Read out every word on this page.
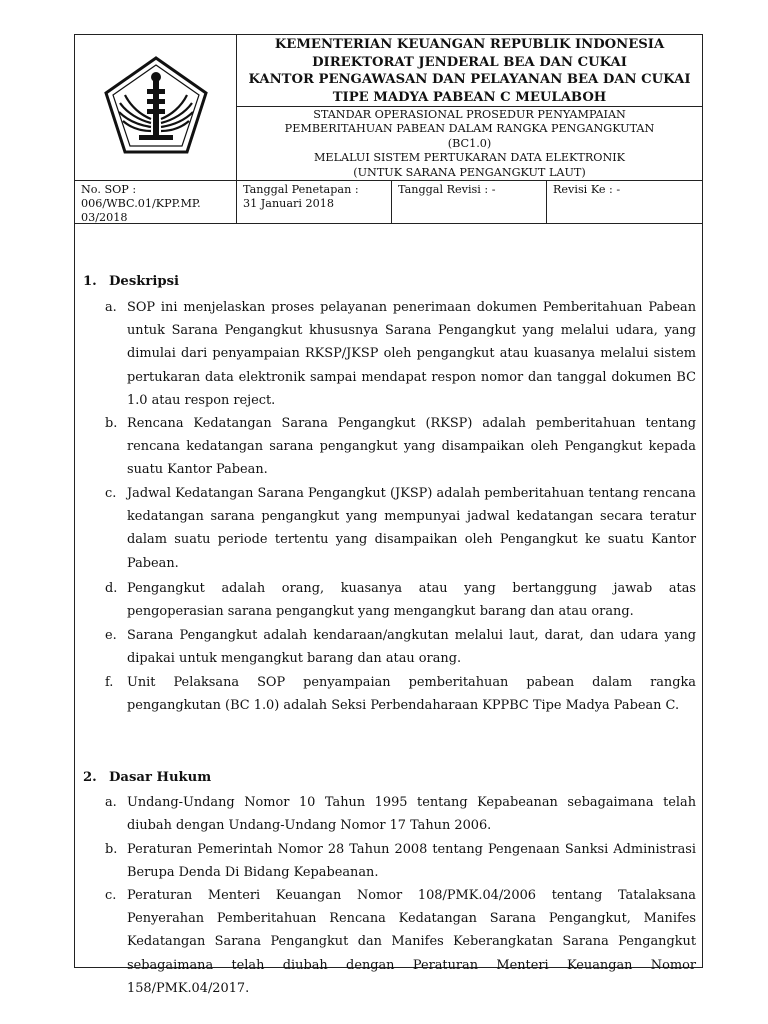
KEMENTERIAN KEUANGAN REPUBLIK INDONESIA
DIREKTORAT JENDERAL BEA DAN CUKAI
KANTOR PENGAWASAN DAN PELAYANAN BEA DAN CUKAI
TIPE MADYA PABEAN C MEULABOH
STANDAR OPERASIONAL PROSEDUR PENYAMPAIAN
PEMBERITAHUAN PABEAN DALAM RANGKA PENGANGKUTAN
(BC1.0)
MELALUI SISTEM PERTUKARAN DATA ELEKTRONIK
(UNTUK SARANA PENGANGKUT LAUT)
No. SOP :
006/WBC.01/KPP.MP.
03/2018
Tanggal Penetapan :
31 Januari 2018
Tanggal Revisi : -	Revisi Ke : -
1. Deskripsi
a. SOP ini menjelaskan proses pelayanan penerimaan dokumen Pemberitahuan Pabean untuk Sarana Pengangkut khususnya Sarana Pengangkut yang melalui udara, yang dimulai dari penyampaian RKSP/JKSP oleh pengangkut atau kuasanya melalui sistem pertukaran data elektronik sampai mendapat respon nomor dan tanggal dokumen BC 1.0 atau respon reject.
b. Rencana Kedatangan Sarana Pengangkut (RKSP) adalah pemberitahuan tentang rencana kedatangan sarana pengangkut yang disampaikan oleh Pengangkut kepada suatu Kantor Pabean.
c. Jadwal Kedatangan Sarana Pengangkut (JKSP) adalah pemberitahuan tentang rencana kedatangan sarana pengangkut yang mempunyai jadwal kedatangan secara teratur dalam suatu periode tertentu yang disampaikan oleh Pengangkut ke suatu Kantor Pabean.
d. Pengangkut adalah orang, kuasanya atau yang bertanggung jawab atas pengoperasian sarana pengangkut yang mengangkut barang dan atau orang.
e. Sarana Pengangkut adalah kendaraan/angkutan melalui laut, darat, dan udara yang dipakai untuk mengangkut barang dan atau orang.
f. Unit Pelaksana SOP penyampaian pemberitahuan pabean dalam rangka pengangkutan (BC 1.0) adalah Seksi Perbendaharaan KPPBC Tipe Madya Pabean C.
2. Dasar Hukum
a. Undang-Undang Nomor 10 Tahun 1995 tentang Kepabeanan sebagaimana telah diubah dengan Undang-Undang Nomor 17 Tahun 2006.
b. Peraturan Pemerintah Nomor 28 Tahun 2008 tentang Pengenaan Sanksi Administrasi Berupa Denda Di Bidang Kepabeanan.
c. Peraturan Menteri Keuangan Nomor 108/PMK.04/2006 tentang Tatalaksana Penyerahan Pemberitahuan Rencana Kedatangan Sarana Pengangkut, Manifes Kedatangan Sarana Pengangkut dan Manifes Keberangkatan Sarana Pengangkut sebagaimana telah diubah dengan Peraturan Menteri Keuangan Nomor 158/PMK.04/2017.
